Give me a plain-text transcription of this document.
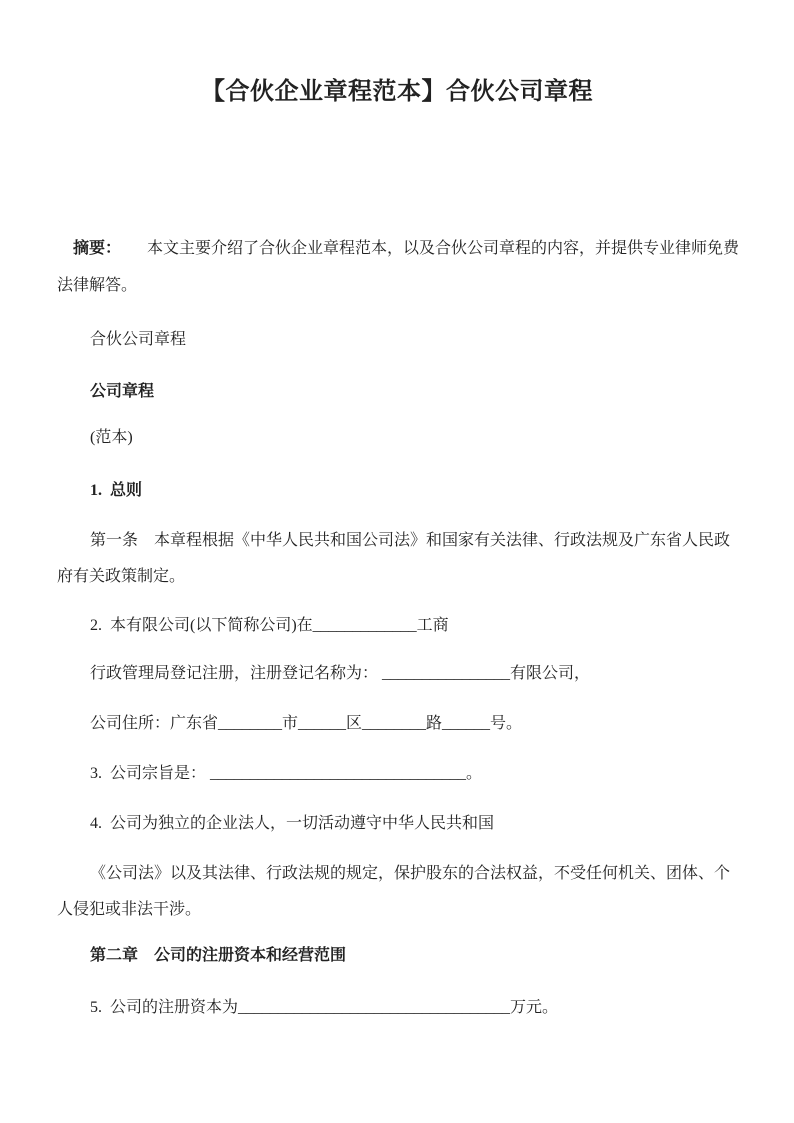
【合伙企业章程范本】合伙公司章程

摘要： 本文主要介绍了合伙企业章程范本，以及合伙公司章程的内容，并提供专业律师免费法律解答。

合伙公司章程

公司章程

(范本)

1.  总则

第一条　本章程根据《中华人民共和国公司法》和国家有关法律、行政法规及广东省人民政府有关政策制定。

2.  本有限公司(以下简称公司)在_____________工商

行政管理局登记注册，注册登记名称为： ________________有限公司，

公司住所：广东省________市______区________路______号。

3.  公司宗旨是： ________________________________。

4.  公司为独立的企业法人，一切活动遵守中华人民共和国

《公司法》以及其法律、行政法规的规定，保护股东的合法权益，不受任何机关、团体、个人侵犯或非法干涉。

第二章　公司的注册资本和经营范围

5.  公司的注册资本为__________________________________万元。
